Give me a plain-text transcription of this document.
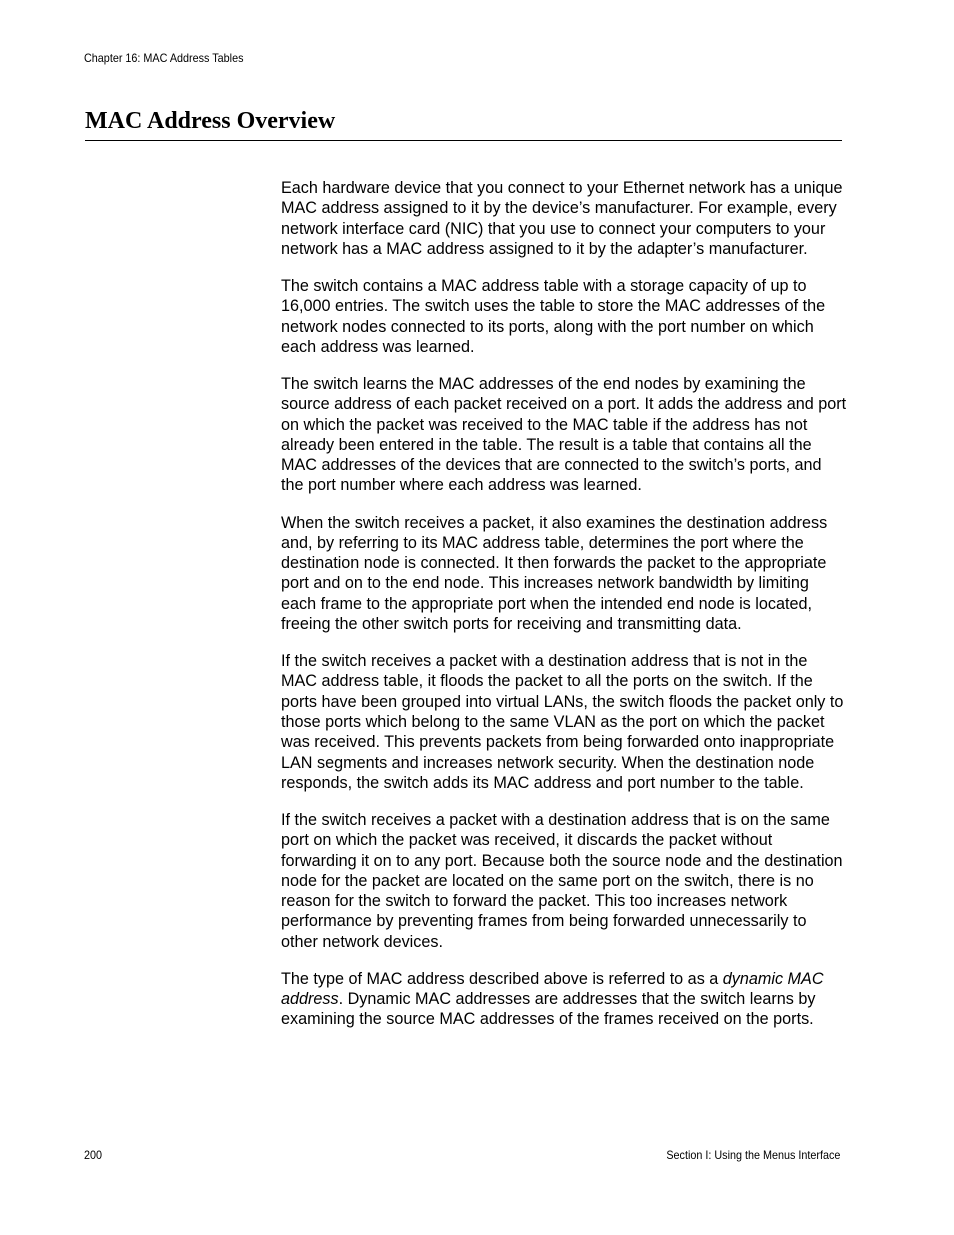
Chapter 16: MAC Address Tables
MAC Address Overview

Each hardware device that you connect to your Ethernet network has a unique MAC address assigned to it by the device’s manufacturer. For example, every network interface card (NIC) that you use to connect your computers to your network has a MAC address assigned to it by the adapter’s manufacturer.

The switch contains a MAC address table with a storage capacity of up to 16,000 entries. The switch uses the table to store the MAC addresses of the network nodes connected to its ports, along with the port number on which each address was learned.

The switch learns the MAC addresses of the end nodes by examining the source address of each packet received on a port. It adds the address and port on which the packet was received to the MAC table if the address has not already been entered in the table. The result is a table that contains all the MAC addresses of the devices that are connected to the switch’s ports, and the port number where each address was learned.

When the switch receives a packet, it also examines the destination address and, by referring to its MAC address table, determines the port where the destination node is connected. It then forwards the packet to the appropriate port and on to the end node. This increases network bandwidth by limiting each frame to the appropriate port when the intended end node is located, freeing the other switch ports for receiving and transmitting data.

If the switch receives a packet with a destination address that is not in the MAC address table, it floods the packet to all the ports on the switch. If the ports have been grouped into virtual LANs, the switch floods the packet only to those ports which belong to the same VLAN as the port on which the packet was received. This prevents packets from being forwarded onto inappropriate LAN segments and increases network security. When the destination node responds, the switch adds its MAC address and port number to the table.

If the switch receives a packet with a destination address that is on the same port on which the packet was received, it discards the packet without forwarding it on to any port. Because both the source node and the destination node for the packet are located on the same port on the switch, there is no reason for the switch to forward the packet. This too increases network performance by preventing frames from being forwarded unnecessarily to other network devices.

The type of MAC address described above is referred to as a dynamic MAC address. Dynamic MAC addresses are addresses that the switch learns by examining the source MAC addresses of the frames received on the ports.

200	Section I: Using the Menus Interface
